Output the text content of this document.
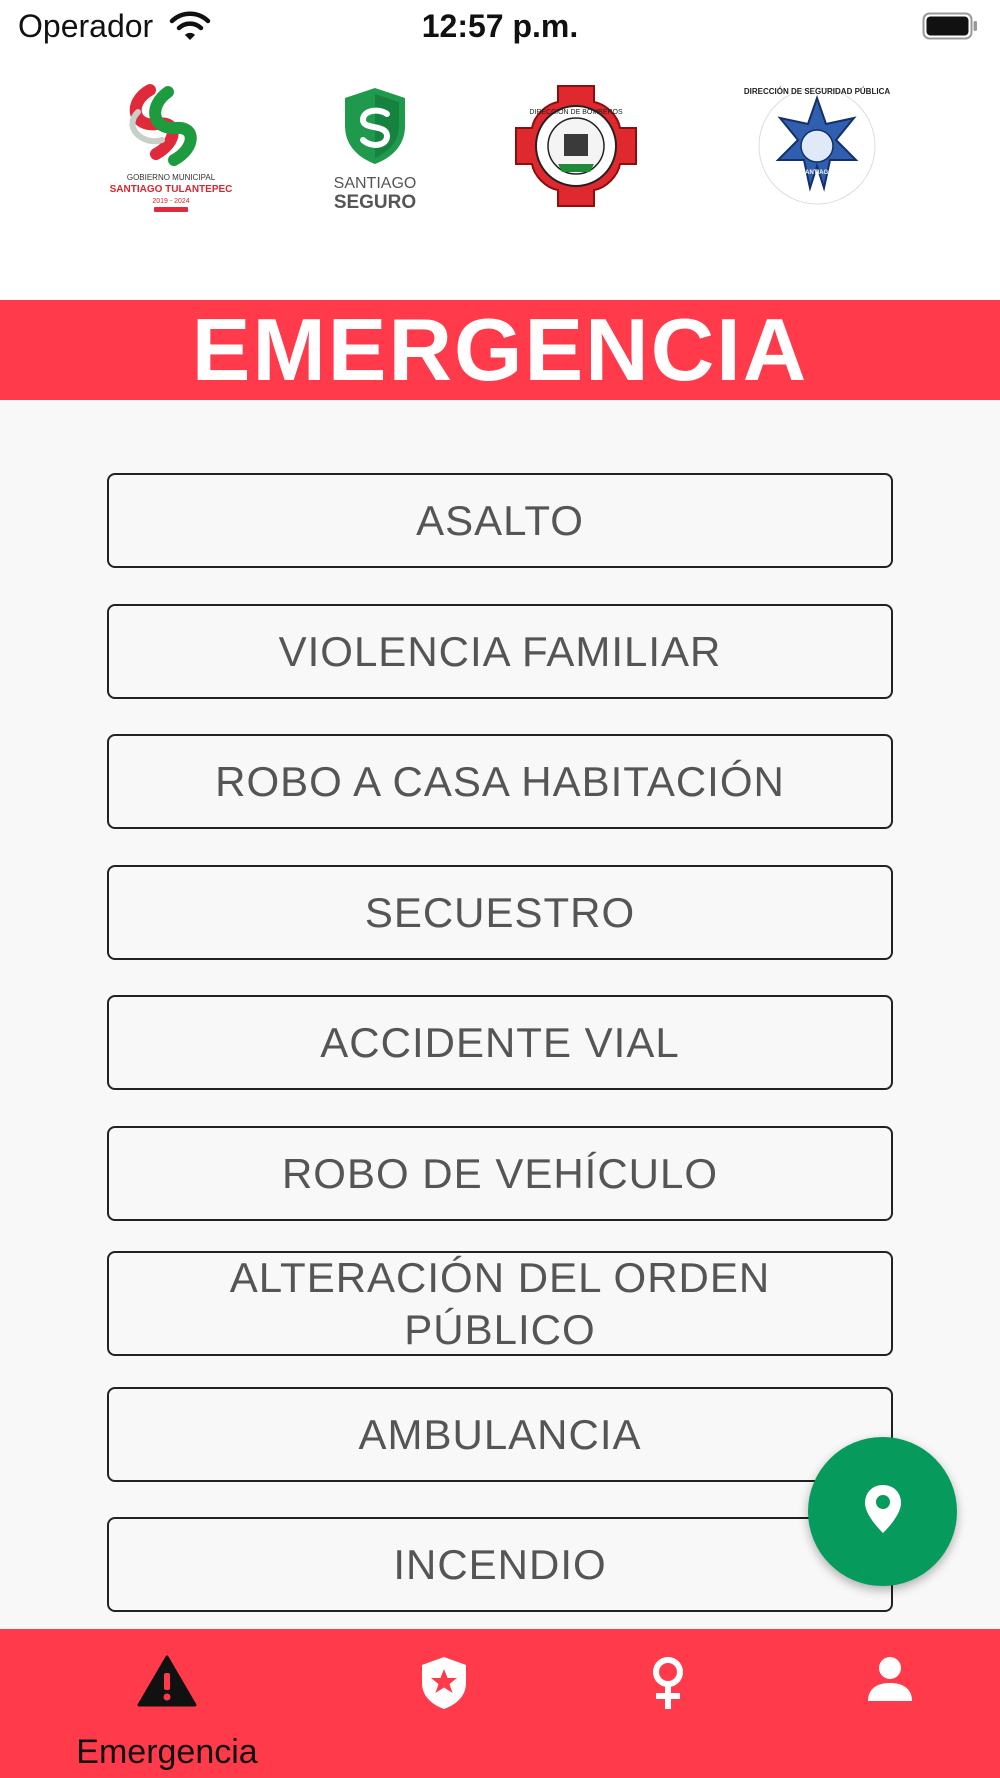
Operador	12:57 p.m.
GOBIERNO MUNICIPAL
SANTIAGO TULANTEPEC
2019 - 2024
SANTIAGO
SEGURO
DIRECCIÓN DE BOMBEROS
DIRECCIÓN DE SEGURIDAD PÚBLICA
SANTIAGO
EMERGENCIA
ASALTO
VIOLENCIA FAMILIAR
ROBO A CASA HABITACIÓN
SECUESTRO
ACCIDENTE VIAL
ROBO DE VEHÍCULO
ALTERACIÓN DEL ORDEN PÚBLICO
AMBULANCIA
INCENDIO
Emergencia
